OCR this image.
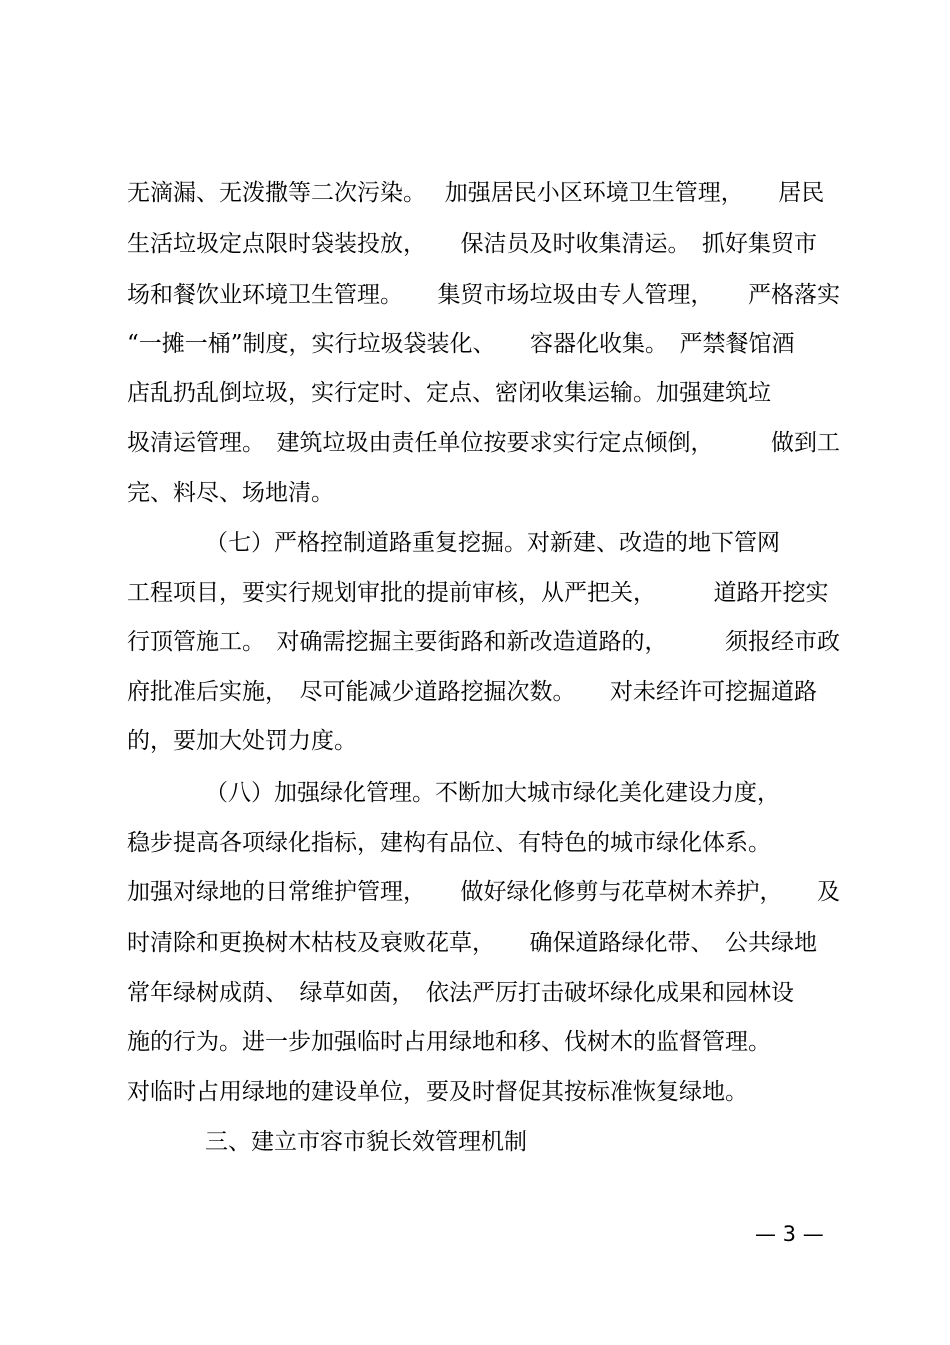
无滴漏、无泼撒等二次污染。　 加强居民小区环境卫生管理，　　居民
生活垃圾定点限时袋装投放，　　保洁员及时收集清运。　抓好集贸市
场和餐饮业环境卫生管理。　　集贸市场垃圾由专人管理，　　严格落实
“一摊一桶”制度，实行垃圾袋装化、　　容器化收集。　严禁餐馆酒
店乱扔乱倒垃圾，实行定时、定点、密闭收集运输。加强建筑垃
圾清运管理。　建筑垃圾由责任单位按要求实行定点倾倒，　　　做到工
完、料尽、场地清。
（七）严格控制道路重复挖掘。对新建、改造的地下管网
工程项目，要实行规划审批的提前审核，从严把关，　　　道路开挖实
行顶管施工。　对确需挖掘主要街路和新改造道路的，　　　须报经市政
府批准后实施，　尽可能减少道路挖掘次数。　　对未经许可挖掘道路
的，要加大处罚力度。
（八）加强绿化管理。不断加大城市绿化美化建设力度，
稳步提高各项绿化指标，建构有品位、有特色的城市绿化体系。
加强对绿地的日常维护管理，　　做好绿化修剪与花草树木养护，　　及
时清除和更换树木枯枝及衰败花草，　　确保道路绿化带、　公共绿地
常年绿树成荫、　绿草如茵，　依法严厉打击破坏绿化成果和园林设
施的行为。进一步加强临时占用绿地和移、伐树木的监督管理。
对临时占用绿地的建设单位，要及时督促其按标准恢复绿地。
三、建立市容市貌长效管理机制
— 3 —
